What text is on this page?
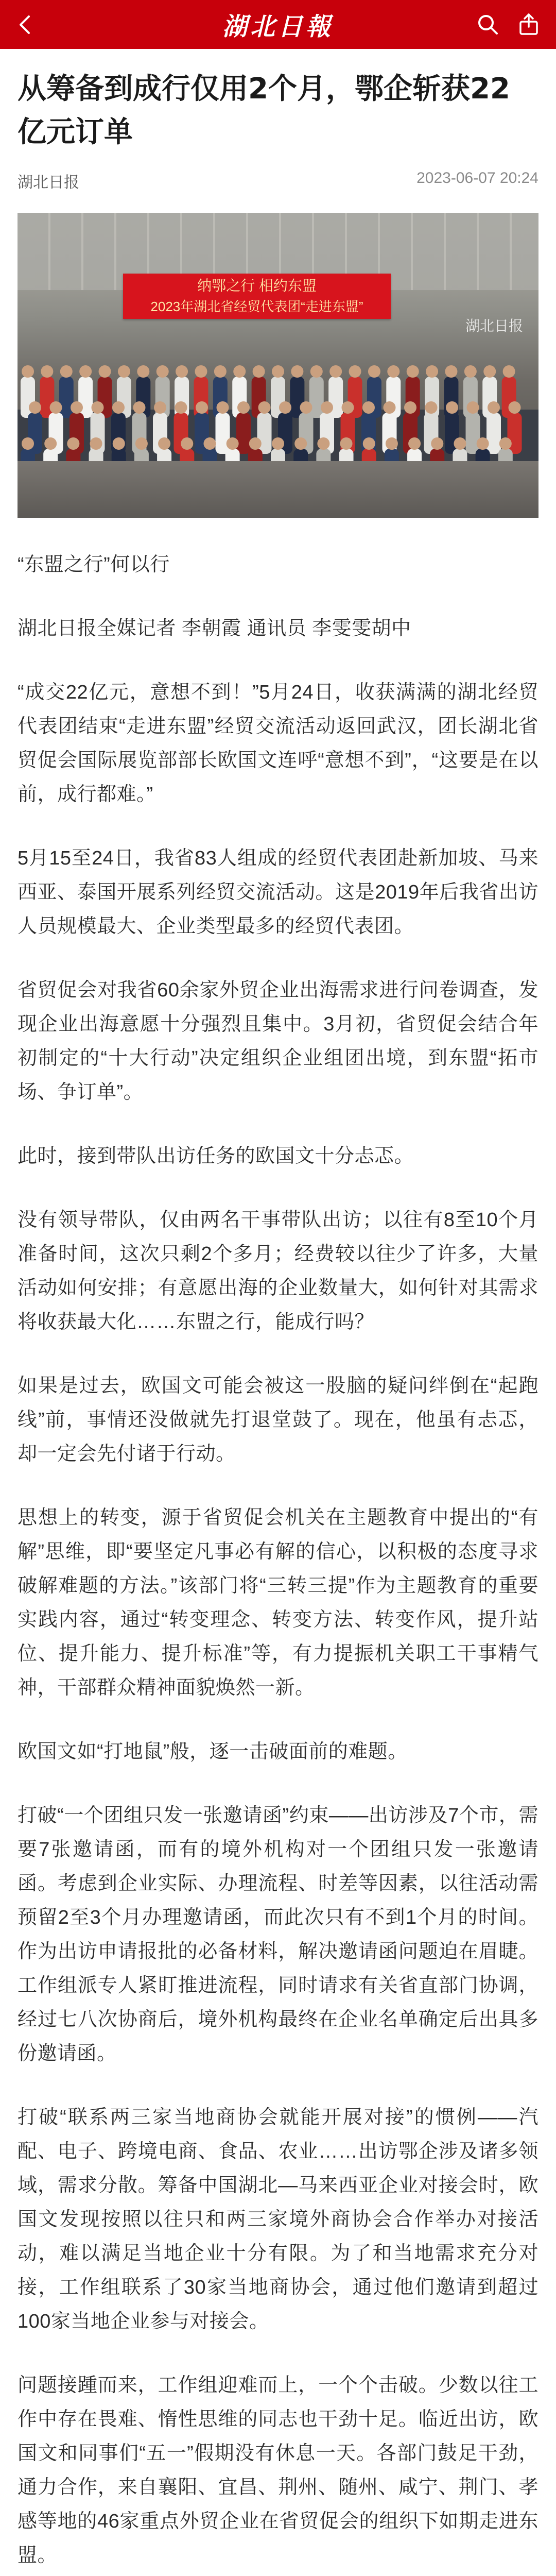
湖北日報
从筹备到成行仅用2个月，鄂企斩获22亿元订单
湖北日报	2023-06-07 20:24
纳鄂之行 相约东盟
2023年湖北省经贸代表团“走进东盟”
湖北日报

“东盟之行”何以行

湖北日报全媒记者 李朝霞 通讯员 李雯雯胡中

“成交22亿元，意想不到！”5月24日，收获满满的湖北经贸代表团结束“走进东盟”经贸交流活动返回武汉，团长湖北省贸促会国际展览部部长欧国文连呼“意想不到”，“这要是在以前，成行都难。”

5月15至24日，我省83人组成的经贸代表团赴新加坡、马来西亚、泰国开展系列经贸交流活动。这是2019年后我省出访人员规模最大、企业类型最多的经贸代表团。

省贸促会对我省60余家外贸企业出海需求进行问卷调查，发现企业出海意愿十分强烈且集中。3月初，省贸促会结合年初制定的“十大行动”决定组织企业组团出境，到东盟“拓市场、争订单”。

此时，接到带队出访任务的欧国文十分忐忑。

没有领导带队，仅由两名干事带队出访；以往有8至10个月准备时间，这次只剩2个多月；经费较以往少了许多，大量活动如何安排；有意愿出海的企业数量大，如何针对其需求将收获最大化……东盟之行，能成行吗？

如果是过去，欧国文可能会被这一股脑的疑问绊倒在“起跑线”前，事情还没做就先打退堂鼓了。现在，他虽有忐忑，却一定会先付诸于行动。

思想上的转变，源于省贸促会机关在主题教育中提出的“有解”思维，即“要坚定凡事必有解的信心，以积极的态度寻求破解难题的方法。”该部门将“三转三提”作为主题教育的重要实践内容，通过“转变理念、转变方法、转变作风，提升站位、提升能力、提升标准”等，有力提振机关职工干事精气神，干部群众精神面貌焕然一新。

欧国文如“打地鼠”般，逐一击破面前的难题。

打破“一个团组只发一张邀请函”约束——出访涉及7个市，需要7张邀请函，而有的境外机构对一个团组只发一张邀请函。考虑到企业实际、办理流程、时差等因素，以往活动需预留2至3个月办理邀请函，而此次只有不到1个月的时间。作为出访申请报批的必备材料，解决邀请函问题迫在眉睫。工作组派专人紧盯推进流程，同时请求有关省直部门协调，经过七八次协商后，境外机构最终在企业名单确定后出具多份邀请函。

打破“联系两三家当地商协会就能开展对接”的惯例——汽配、电子、跨境电商、食品、农业……出访鄂企涉及诸多领域，需求分散。筹备中国湖北—马来西亚企业对接会时，欧国文发现按照以往只和两三家境外商协会合作举办对接活动，难以满足当地企业十分有限。为了和当地需求充分对接，工作组联系了30家当地商协会，通过他们邀请到超过100家当地企业参与对接会。

问题接踵而来，工作组迎难而上，一个个击破。少数以往工作中存在畏难、惰性思维的同志也干劲十足。临近出访，欧国文和同事们“五一”假期没有休息一天。各部门鼓足干劲，通力合作，来自襄阳、宜昌、荆州、随州、咸宁、荆门、孝感等地的46家重点外贸企业在省贸促会的组织下如期走进东盟。
